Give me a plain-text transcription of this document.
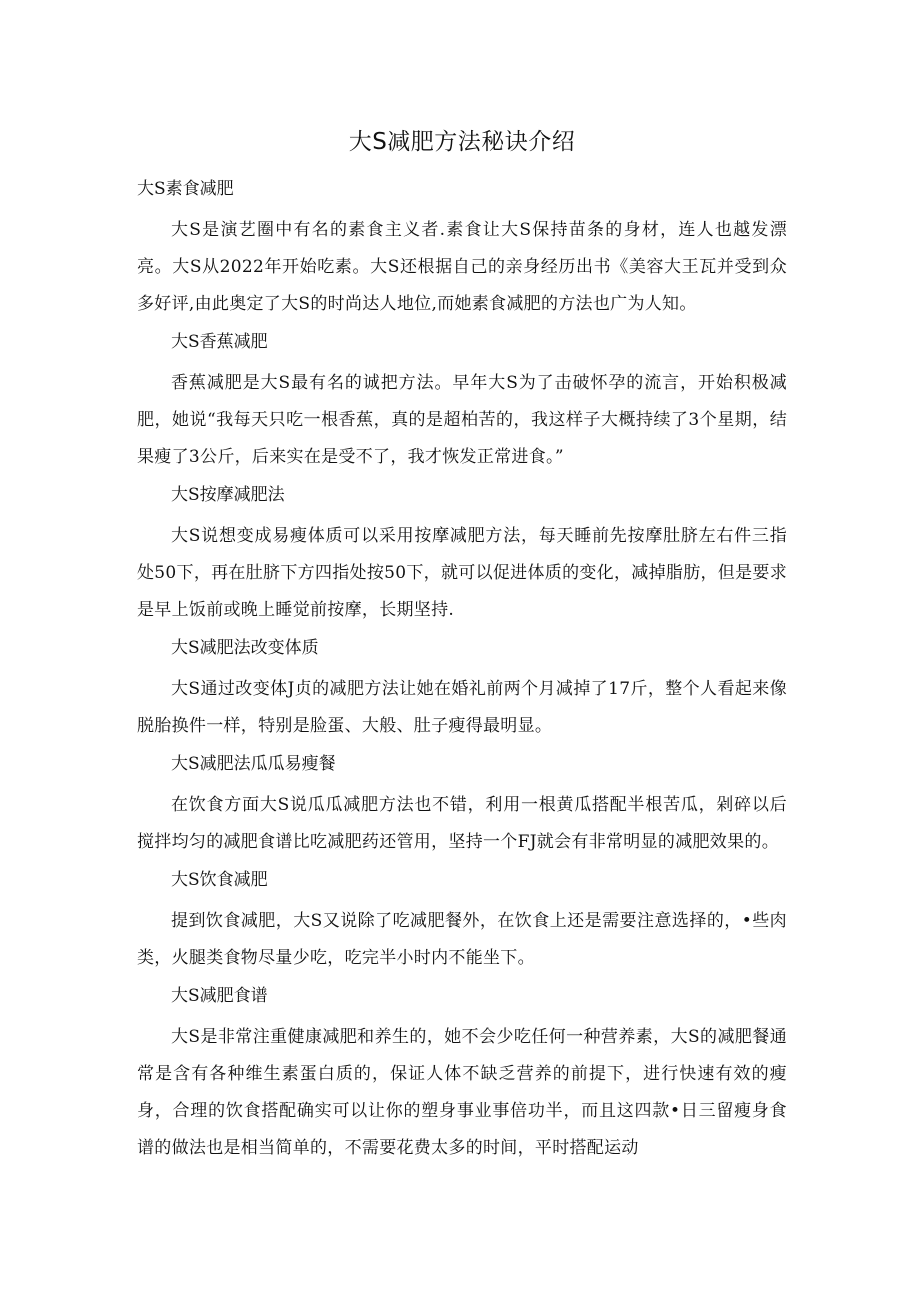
大S减肥方法秘诀介绍
大S素食减肥

大S是演艺圈中有名的素食主义者.素食让大S保持苗条的身材，连人也越发漂亮。大S从2022年开始吃素。大S还根据自己的亲身经历出书《美容大王瓦并受到众多好评,由此奥定了大S的时尚达人地位,而她素食减肥的方法也广为人知。

大S香蕉减肥

香蕉减肥是大S最有名的诚把方法。早年大S为了击破怀孕的流言，开始积极减肥，她说“我每天只吃一根香蕉，真的是超柏苦的，我这样子大概持续了3个星期，结果瘦了3公斤，后来实在是受不了，我才恢发正常进食。”

大S按摩减肥法

大S说想变成易瘦体质可以采用按摩减肥方法，每天睡前先按摩肚脐左右件三指处50下，再在肚脐下方四指处按50下，就可以促进体质的变化，减掉脂肪，但是要求是早上饭前或晚上睡觉前按摩，长期坚持.

大S减肥法改变体质

大S通过改变体J贞的减肥方法让她在婚礼前两个月减掉了17斤，整个人看起来像脱胎换件一样，特别是脸蛋、大般、肚子瘦得最明显。

大S减肥法瓜瓜易瘦餐

在饮食方面大S说瓜瓜减肥方法也不错，利用一根黄瓜搭配半根苦瓜，剁碎以后搅拌均匀的减肥食谱比吃减肥药还管用，坚持一个FJ就会有非常明显的减肥效果的。

大S饮食减肥

提到饮食减肥，大S又说除了吃减肥餐外，在饮食上还是需要注意选择的，•些肉类，火腿类食物尽量少吃，吃完半小时内不能坐下。

大S减肥食谱

大S是非常注重健康减肥和养生的，她不会少吃任何一种营养素，大S的减肥餐通常是含有各种维生素蛋白质的，保证人体不缺乏营养的前提下，进行快速有效的瘦身，合理的饮食搭配确实可以让你的塑身事业事倍功半，而且这四款•日三留瘦身食谱的做法也是相当简单的，不需要花费太多的时间，平时搭配运动
